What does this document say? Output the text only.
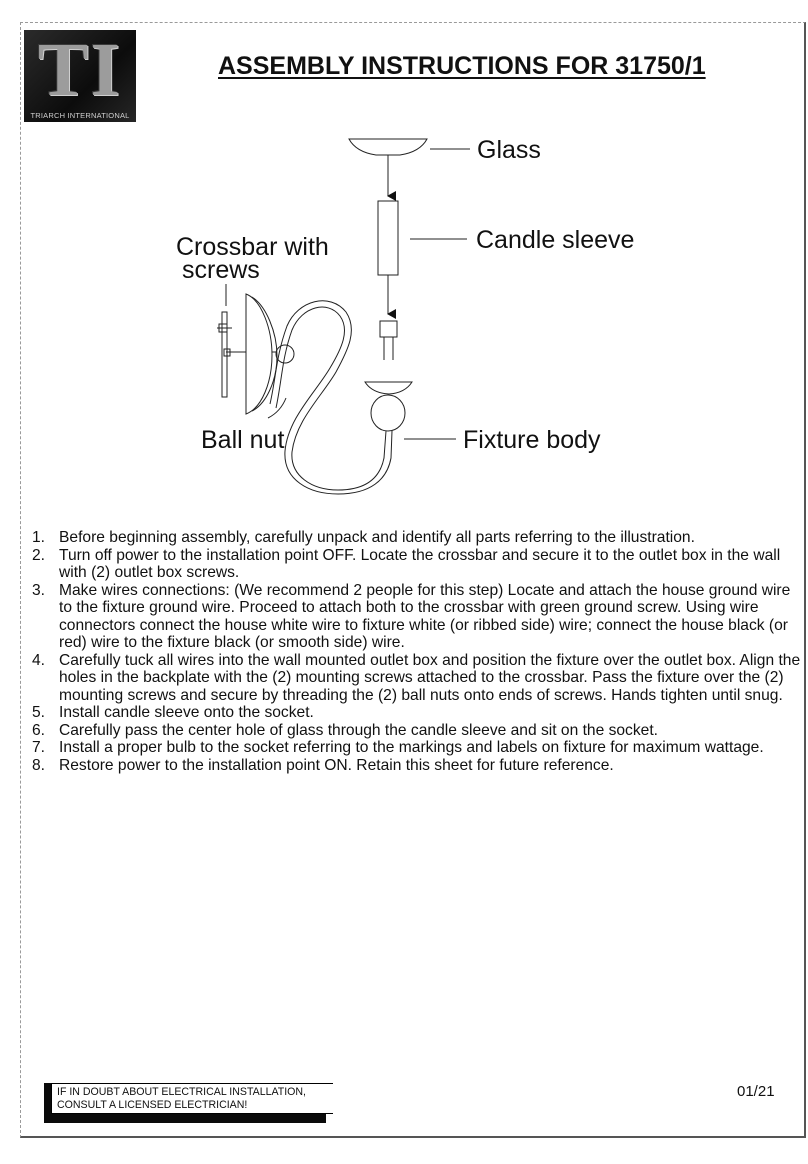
TI
TRIARCH INTERNATIONAL
ASSEMBLY INSTRUCTIONS FOR 31750/1
Glass
Candle sleeve
Crossbar with
screws
Ball nut	Fixture body
1. Before beginning assembly, carefully unpack and identify all parts referring to the illustration.
2. Turn off power to the installation point OFF. Locate the crossbar and secure it to the outlet box in the wall with (2) outlet box screws.
3. Make wires connections: (We recommend 2 people for this step) Locate and attach the house ground wire to the fixture ground wire. Proceed to attach both to the crossbar with green ground screw. Using wire connectors connect the house white wire to fixture white (or ribbed side) wire; connect the house black (or red) wire to the fixture black (or smooth side) wire.
4. Carefully tuck all wires into the wall mounted outlet box and position the fixture over the outlet box. Align the holes in the backplate with the (2) mounting screws attached to the crossbar. Pass the fixture over the (2) mounting screws and secure by threading the (2) ball nuts onto ends of screws. Hands tighten until snug.
5. Install candle sleeve onto the socket.
6. Carefully pass the center hole of glass through the candle sleeve and sit on the socket.
7. Install a proper bulb to the socket referring to the markings and labels on fixture for maximum wattage.
8. Restore power to the installation point ON. Retain this sheet for future reference.
IF IN DOUBT ABOUT ELECTRICAL INSTALLATION,
CONSULT A LICENSED ELECTRICIAN!
01/21
